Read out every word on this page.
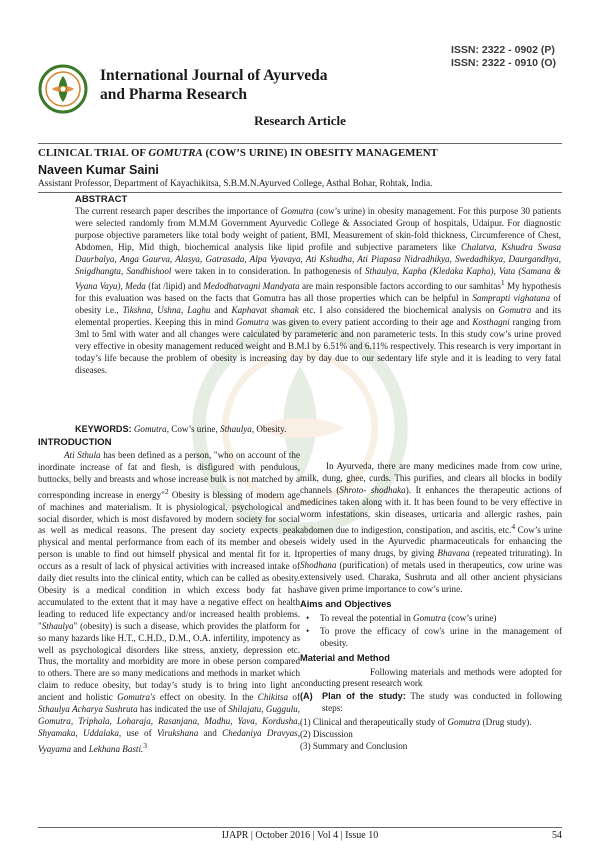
ISSN: 2322 - 0902 (P)
ISSN: 2322 - 0910 (O)
International Journal of Ayurveda
and Pharma Research
Research Article
CLINICAL TRIAL OF GOMUTRA (COW’S URINE) IN OBESITY MANAGEMENT
Naveen Kumar Saini
Assistant Professor, Department of Kayachikitsa, S.B.M.N.Ayurved College, Asthal Bohar, Rohtak, India.
ABSTRACT
The current research paper describes the importance of Gomutra (cow’s urine) in obesity management. For this purpose 30 patients were selected randomly from M.M.M Government Ayurvedic College & Associated Group of hospitals, Udaipur. For diagnostic purpose objective parameters like total body weight of patient, BMI, Measurement of skin-fold thickness, Circumference of Chest, Abdomen, Hip, Mid thigh, biochemical analysis like lipid profile and subjective parameters like Chalatva, Kshudra Swasa Daurbalya, Anga Gaurva, Alasya, Gatrasada, Alpa Vyavaya, Ati Kshudha, Ati Piapasa Nidradhikya, Swedadhikya, Daurgandhya, Snigdhangta, Sandhishool were taken in to consideration. In pathogenesis of Sthaulya, Kapha (Kledaka Kapha), Vata (Samana & Vyana Vayu), Meda (fat /lipid) and Medodhatvagni Mandyata are main responsible factors according to our samhitas$^1$ My hypothesis for this evaluation was based on the facts that Gomutra has all those properties which can be helpful in Samprapti vighatana of obesity i.e., Tikshna, Ushna, Laghu and Kaphavat shamak etc. I also considered the biochemical analysis on Gomutra and its elemental properties. Keeping this in mind Gomutra was given to every patient according to their age and Kosthagni ranging from 3ml to 5ml with water and all changes were calculated by parameteric and non parameteric tests. In this study cow’s urine proved very effective in obesity management reduced weight and B.M.I by 6.51% and 6.11% respectively. This research is very important in today’s life because the problem of obesity is increasing day by day due to our sedentary life style and it is leading to very fatal diseases.
KEYWORDS: Gomutra, Cow’s urine, Sthaulya, Obesity.
INTRODUCTION

Ati Sthula has been defined as a person, "who on account of the inordinate increase of fat and flesh, is disfigured with pendulous, buttocks, belly and breasts and whose increase bulk is not matched by a corresponding increase in energy"$^2$ Obesity is blessing of modern age of machines and materialism. It is physiological, psychological and social disorder, which is most disfavored by modern society for social as well as medical reasons. The present day society expects peak physical and mental performance from each of its member and obese person is unable to find out himself physical and mental fit for it. It occurs as a result of lack of physical activities with increased intake of daily diet results into the clinical entity, which can be called as obesity. Obesity is a medical condition in which excess body fat has accumulated to the extent that it may have a negative effect on health leading to reduced life expectancy and/or increased health problems. "Sthaulya" (obesity) is such a disease, which provides the platform for so many hazards like H.T., C.H.D., D.M., O.A. infertility, impotency as well as psychological disorders like stress, anxiety, depression etc. Thus, the mortality and morbidity are more in obese person compared to others. There are so many medications and methods in market which claim to reduce obesity, but today’s study is to bring into light an ancient and holistic Gomutra's effect on obesity. In the Chikitsa of Sthaulya Acharya Sushruta has indicated the use of Shilajatu, Guggulu, Gomutra, Triphala, Loharaja, Rasanjana, Madhu, Yava, Kordusha, Shyamaka, Uddalaka, use of Virukshana and Chedaniya Dravyas, Vyayama and Lekhana Basti.$^3$

In Ayurveda, there are many medicines made from cow urine, milk, dung, ghee, curds. This purifies, and clears all blocks in bodily channels (Shroto- shodhaka). It enhances the therapeutic actions of medicines taken along with it. It has been found to be very effective in worm infestations, skin diseases, urticaria and allergic rashes, pain abdomen due to indigestion, constipation, and ascitis, etc.$^4$ Cow’s urine is widely used in the Ayurvedic pharmaceuticals for enhancing the properties of many drugs, by giving Bhavana (repeated triturating). In Shodhana (purification) of metals used in therapeutics, cow urine was extensively used. Charaka, Sushruta and all other ancient physicians have given prime importance to cow’s urine.

Aims and Objectives

•	To reveal the potential in Gomutra (cow’s urine)
•	To prove the efficacy of cow's urine in the management of obesity.

Material and Method

Following materials and methods were adopted for conducting present research work

(A)	Plan of the study: The study was conducted in following steps:

(1) Clinical and therapeutically study of Gomutra (Drug study).

(2) Discussion

(3) Summary and Conclusion

IJAPR | October 2016 | Vol 4 | Issue 10	54
